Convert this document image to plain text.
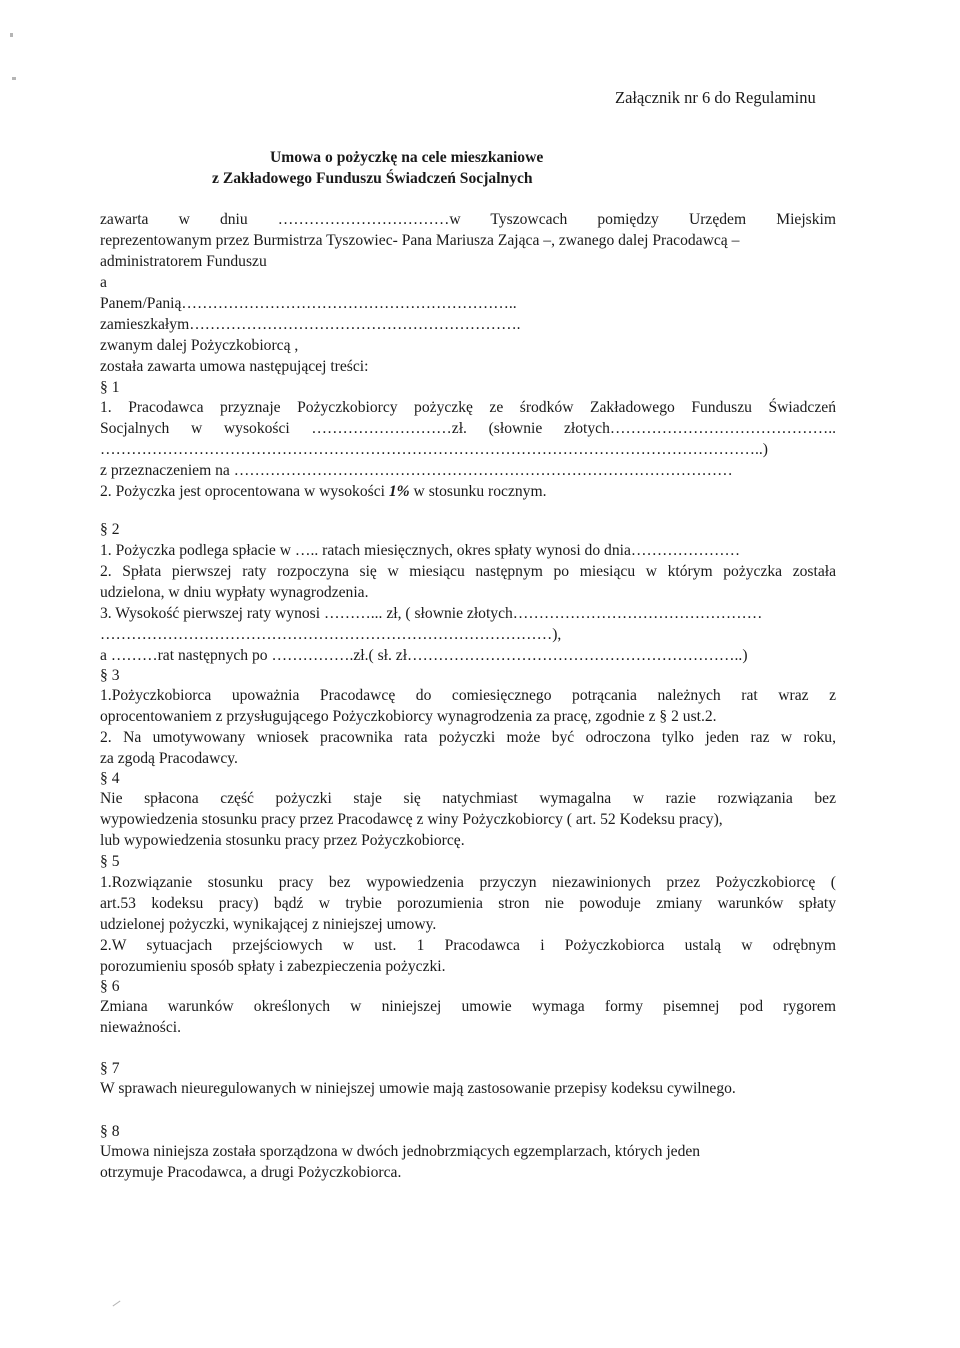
Załącznik nr 6 do Regulaminu
Umowa o pożyczkę na cele mieszkaniowe
z Zakładowego Funduszu Świadczeń Socjalnych
zawarta w dniu ……………………………w Tyszowcach pomiędzy Urzędem Miejskim
reprezentowanym przez Burmistrza Tyszowiec- Pana Mariusza Zająca –, zwanego dalej Pracodawcą –
administratorem Funduszu
a
Panem/Panią………………………………………………………..
zamieszkałym……………………………………………………….
zwanym dalej Pożyczkobiorcą ,
została zawarta umowa następującej treści:
§ 1
1. Pracodawca przyznaje Pożyczkobiorcy pożyczkę ze środków Zakładowego Funduszu Świadczeń
Socjalnych w wysokości ………………………zł. (słownie złotych……………………………………..
………………………………………………………………………………………………………………..)
z przeznaczeniem na ……………………………………………………………………………………
2. Pożyczka jest oprocentowana w wysokości 1% w stosunku rocznym.
§ 2
1. Pożyczka podlega spłacie w ….. ratach miesięcznych, okres spłaty wynosi do dnia…………………
2. Spłata pierwszej raty rozpoczyna się w miesiącu następnym po miesiącu w którym pożyczka została
udzielona, w dniu wypłaty wynagrodzenia.
3. Wysokość pierwszej raty wynosi ………... zł, ( słownie złotych…………………………………………
……………………………………………………………………………),
a ………rat następnych po …………….zł.( sł. zł………………………………………………………..)
§ 3
1.Pożyczkobiorca upoważnia Pracodawcę do comiesięcznego potrącania należnych rat wraz z
oprocentowaniem z przysługującego Pożyczkobiorcy wynagrodzenia za pracę, zgodnie z § 2 ust.2.
2. Na umotywowany wniosek pracownika rata pożyczki może być odroczona tylko jeden raz w roku,
za zgodą Pracodawcy.
§ 4
Nie spłacona część pożyczki staje się natychmiast wymagalna w razie rozwiązania bez
wypowiedzenia stosunku pracy przez Pracodawcę z winy Pożyczkobiorcy ( art. 52 Kodeksu pracy),
lub wypowiedzenia stosunku pracy przez Pożyczkobiorcę.
§ 5
1.Rozwiązanie stosunku pracy bez wypowiedzenia przyczyn niezawinionych przez Pożyczkobiorcę (
art.53 kodeksu pracy) bądź w trybie porozumienia stron nie powoduje zmiany warunków spłaty
udzielonej pożyczki, wynikającej z niniejszej umowy.
2.W sytuacjach przejściowych w ust. 1 Pracodawca i Pożyczkobiorca ustalą w odrębnym
porozumieniu sposób spłaty i zabezpieczenia pożyczki.
§ 6
Zmiana warunków określonych w niniejszej umowie wymaga formy pisemnej pod rygorem
nieważności.
§ 7
W sprawach nieuregulowanych w niniejszej umowie mają zastosowanie przepisy kodeksu cywilnego.
§ 8
Umowa niniejsza została sporządzona w dwóch jednobrzmiących egzemplarzach, których jeden
otrzymuje Pracodawca, a drugi Pożyczkobiorca.
